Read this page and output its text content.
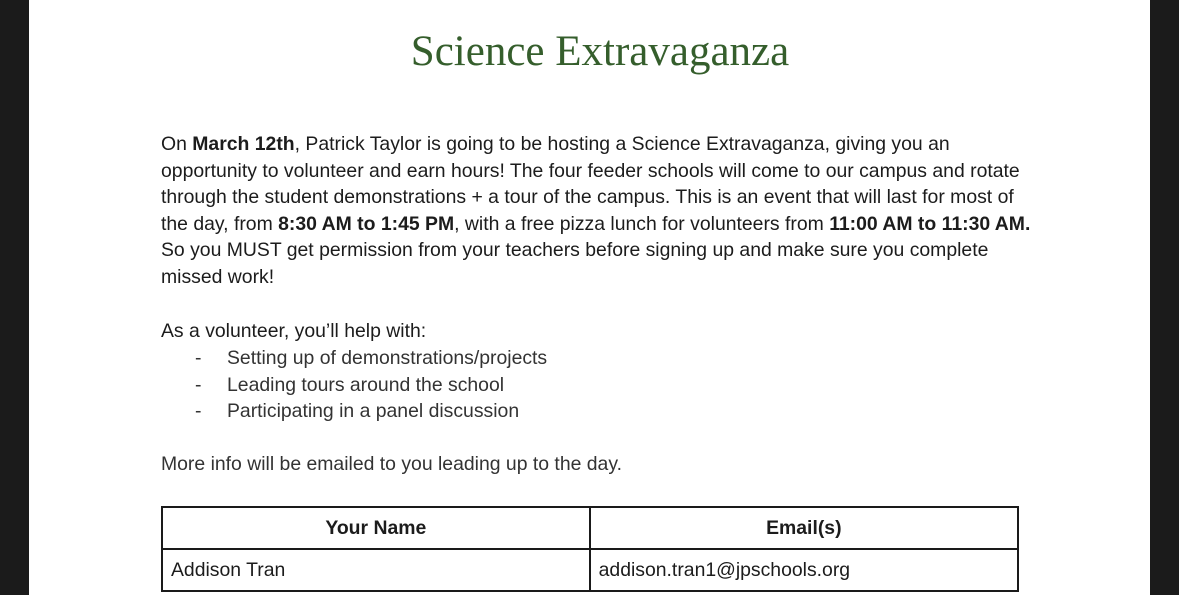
Science Extravaganza

On March 12th, Patrick Taylor is going to be hosting a Science Extravaganza, giving you an opportunity to volunteer and earn hours! The four feeder schools will come to our campus and rotate through the student demonstrations + a tour of the campus. This is an event that will last for most of the day, from 8:30 AM to 1:45 PM, with a free pizza lunch for volunteers from 11:00 AM to 11:30 AM. So you MUST get permission from your teachers before signing up and make sure you complete missed work!

As a volunteer, you’ll help with:

- Setting up of demonstrations/projects
- Leading tours around the school
- Participating in a panel discussion

More info will be emailed to you leading up to the day.

Your Name	Email(s)
Addison Tran	addison.tran1@jpschools.org
